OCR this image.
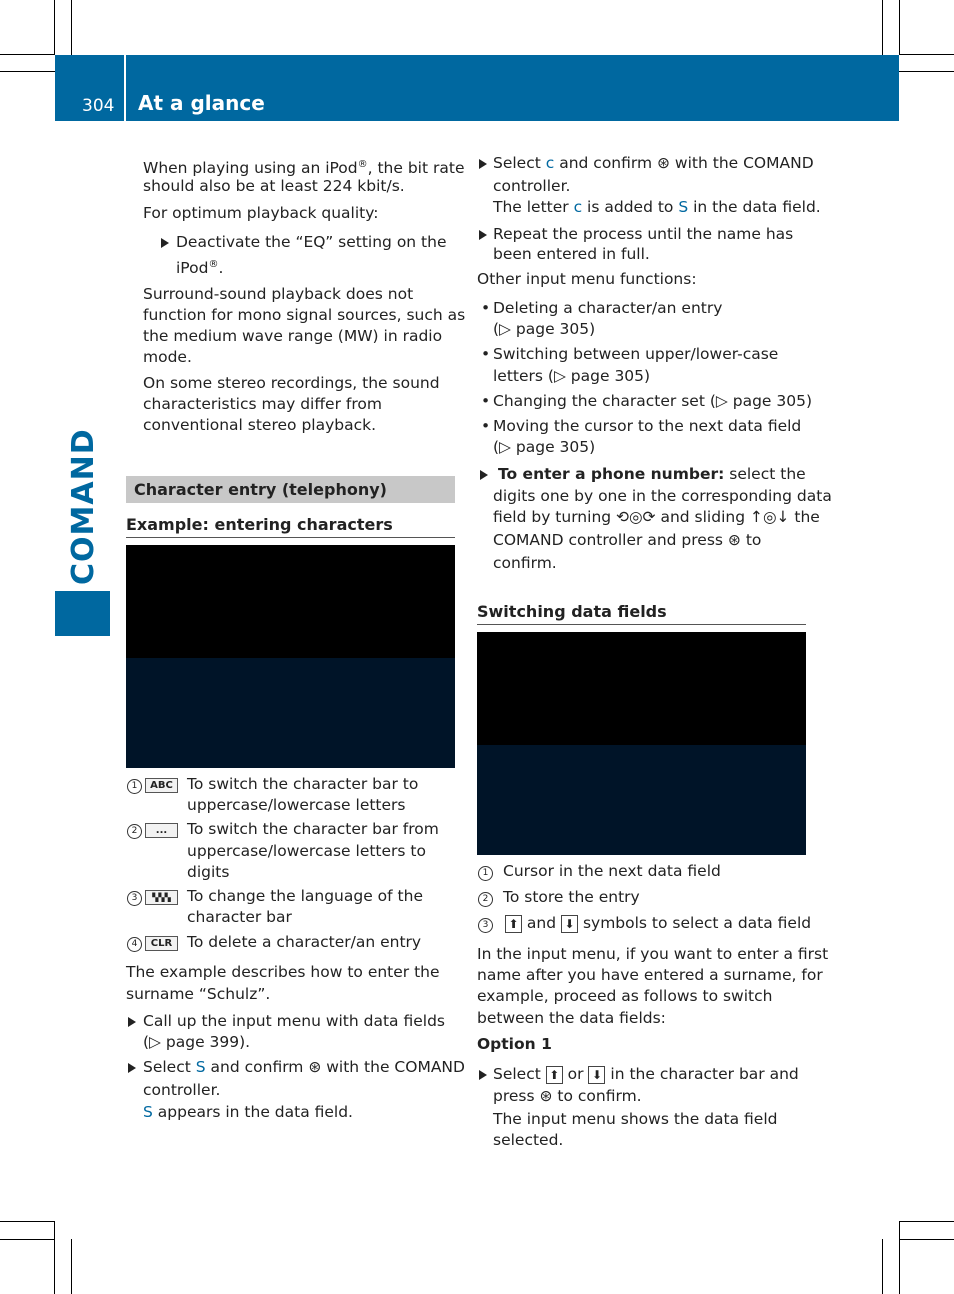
304 At a glance
COMAND
When playing using an iPod®, the bit rate
should also be at least 224 kbit/s.
For optimum playback quality:
Deactivate the “EQ” setting on the
iPod®.
Surround-sound playback does not
function for mono signal sources, such as
the medium wave range (MW) in radio
mode.
On some stereo recordings, the sound
characteristics may differ from
conventional stereo playback.
Character entry (telephony)
Example: entering characters
1	ABC To switch the character bar to
uppercase/lowercase letters
2	...	To switch the character bar from
uppercase/lowercase letters to
digits
3	▚▚▚	To change the language of the
character bar
4	CLR To delete a character/an entry
The example describes how to enter the
surname “Schulz”.
Call up the input menu with data fields
(▷ page 399).
Select S and confirm ⊛ with the COMAND
controller.
S appears in the data field.
Select c and confirm ⊛ with the COMAND
controller.
The letter c is added to S in the data field.
Repeat the process until the name has
been entered in full.
Other input menu functions:
• Deleting a character/an entry
(▷ page 305)
• Switching between upper/lower-case
letters (▷ page 305)
• Changing the character set (▷ page 305)
• Moving the cursor to the next data field
(▷ page 305)
To enter a phone number: select the
digits one by one in the corresponding data
field by turning ⟲◎⟳ and sliding ↑◎↓ the
COMAND controller and press ⊛ to
confirm.
Switching data fields
1 Cursor in the next data field
2 To store the entry
3	⬆ and ⬇ symbols to select a data field
In the input menu, if you want to enter a first
name after you have entered a surname, for
example, proceed as follows to switch
between the data fields:
Option 1
Select ⬆ or ⬇ in the character bar and
press ⊛ to confirm.
The input menu shows the data field
selected.
